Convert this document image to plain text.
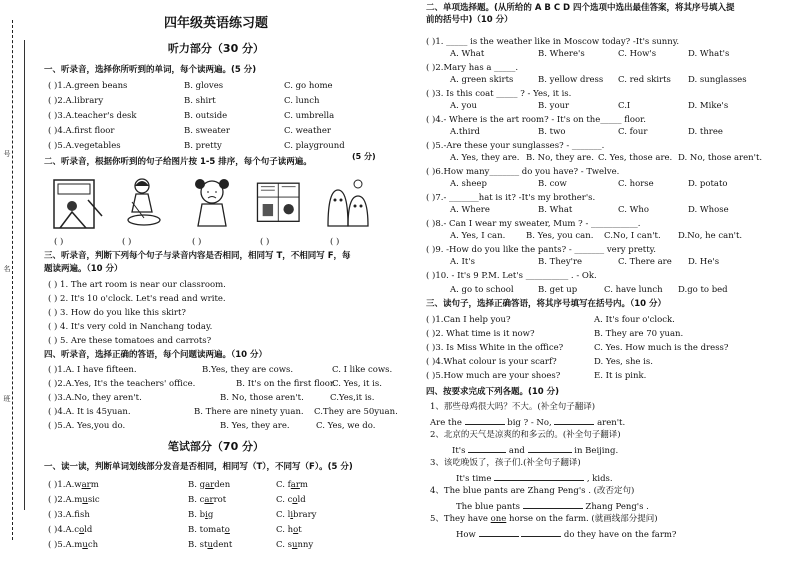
号
名
班
四年级英语练习题
听力部分（30 分）
一、听录音，选择你所听到的单词，每个读两遍。(5 分)
( )1.A.green beans	B. gloves	C. go home
( )2.A.library	B. shirt	C. lunch
( )3.A.teacher's desk	B. outside	C. umbrella
( )4.A.first floor	B. sweater	C. weather
( )5.A.vegetables	B. pretty	C. playground
二、听录音，根据你听到的句子给图片按 1-5 排序，每个句子读两遍。
(5 分)
( )	( )	( )	( )	( )
三、听录音，判断下列每个句子与录音内容是否相同，相同写 T，不相同写 F，每
题读两遍。（10 分）
( ) 1. The art room is near our classroom.
( ) 2. It's 10 o'clock. Let's read and write.
( ) 3. How do you like this skirt?
( ) 4. It's very cold in Nanchang today.
( ) 5. Are these tomatoes and carrots?
四、听录音，选择正确的答语，每个问题读两遍。（10 分）
( )1.A. I have fifteen.	B.Yes, they are cows.	C. I like cows.
( )2.A.Yes, It's the teachers' office.	B. It's on the first floor.
C. Yes, it is.
( )3.A.No, they aren't.	B. No, those aren't.	C.Yes,it is.
( )4.A. It is 45yuan.	B. There are ninety yuan. C.They are 50yuan.
( )5.A. Yes,you do.	B. Yes, they are.	C. Yes, we do.
笔试部分（70 分）
一、读一读，判断单词划线部分发音是否相同，相同写（T），不同写（F）。(5 分)
( )1.A.warm	B. garden	C. farm
( )2.A.music	B. carrot	C. cold
( )3.A.fsh	B. big	C. library
( )4.A.cold	B. tomato	C. hot
( )5.A.much	B. student	C. sunny
二、单项选择题。(从所给的 A B C D 四个选项中选出最佳答案，将其序号填入提
前的括号中)（10 分）
( )1. _____ is the weather like in Moscow today? -It's sunny.
A. What	B. Where's	C. How's	D. What's
( )2.Mary has a _____.
A. green skirts	B. yellow dress C. red skirts D. sunglasses
( )3. Is this coat _____ ? - Yes, it is.
A. you	B. your	C.I	D. Mike's
( )4.- Where is the art room? - It's on the_____ floor.
A.third	B. two	C. four	D. three
( )5.-Are these your sunglasses? - _______.
A. Yes, they are. B. No, they are. C. Yes, those are. D. No, those aren't.
( )6.How many_______ do you have? - Twelve.
A. sheep	B. cow	C. horse	D. potato
( )7.- _______hat is it? -It's my brother's.
A. Where	B. What	C. Who	D. Whose
( )8.- Can I wear my sweater, Mum ? - ___________.
A. Yes, I can. B. Yes, you can. C.No, I can't. D.No, he can't.
( )9. -How do you like the pants? - _______ very pretty.
A. It's	B. They're	C. There are D. He's
( )10. - It's 9 P.M. Let's __________ . - Ok.
A. go to school	B. get up	C. have lunch D.go to bed
三、读句子，选择正确答语，将其序号填写在括号内。（10 分）
( )1.Can I help you?	A. It's four o'clock.
( )2. What time is it now?	B. They are 70 yuan.
( )3. Is Miss White in the office?	C. Yes. How much is the dress?
( )4.What colour is your scarf?	D. Yes, she is.
( )5.How much are your shoes?	E. It is pink.
四、按要求完成下列各题。(10 分)
1、那些母鸡很大吗？不大。(补全句子翻译)
Are the	big ? - No,	aren't.
2、北京的天气是凉爽的和多云的。(补全句子翻译)
It's	and	in Beijing.
3、该吃晚饭了，孩子们.(补全句子翻译)
It's time	, kids.
4、The blue pants are Zhang Peng's . (改否定句)
The blue pants	Zhang Peng's .
5、They have one horse on the farm. (就画线部分提问)
How	do they have on the farm?
